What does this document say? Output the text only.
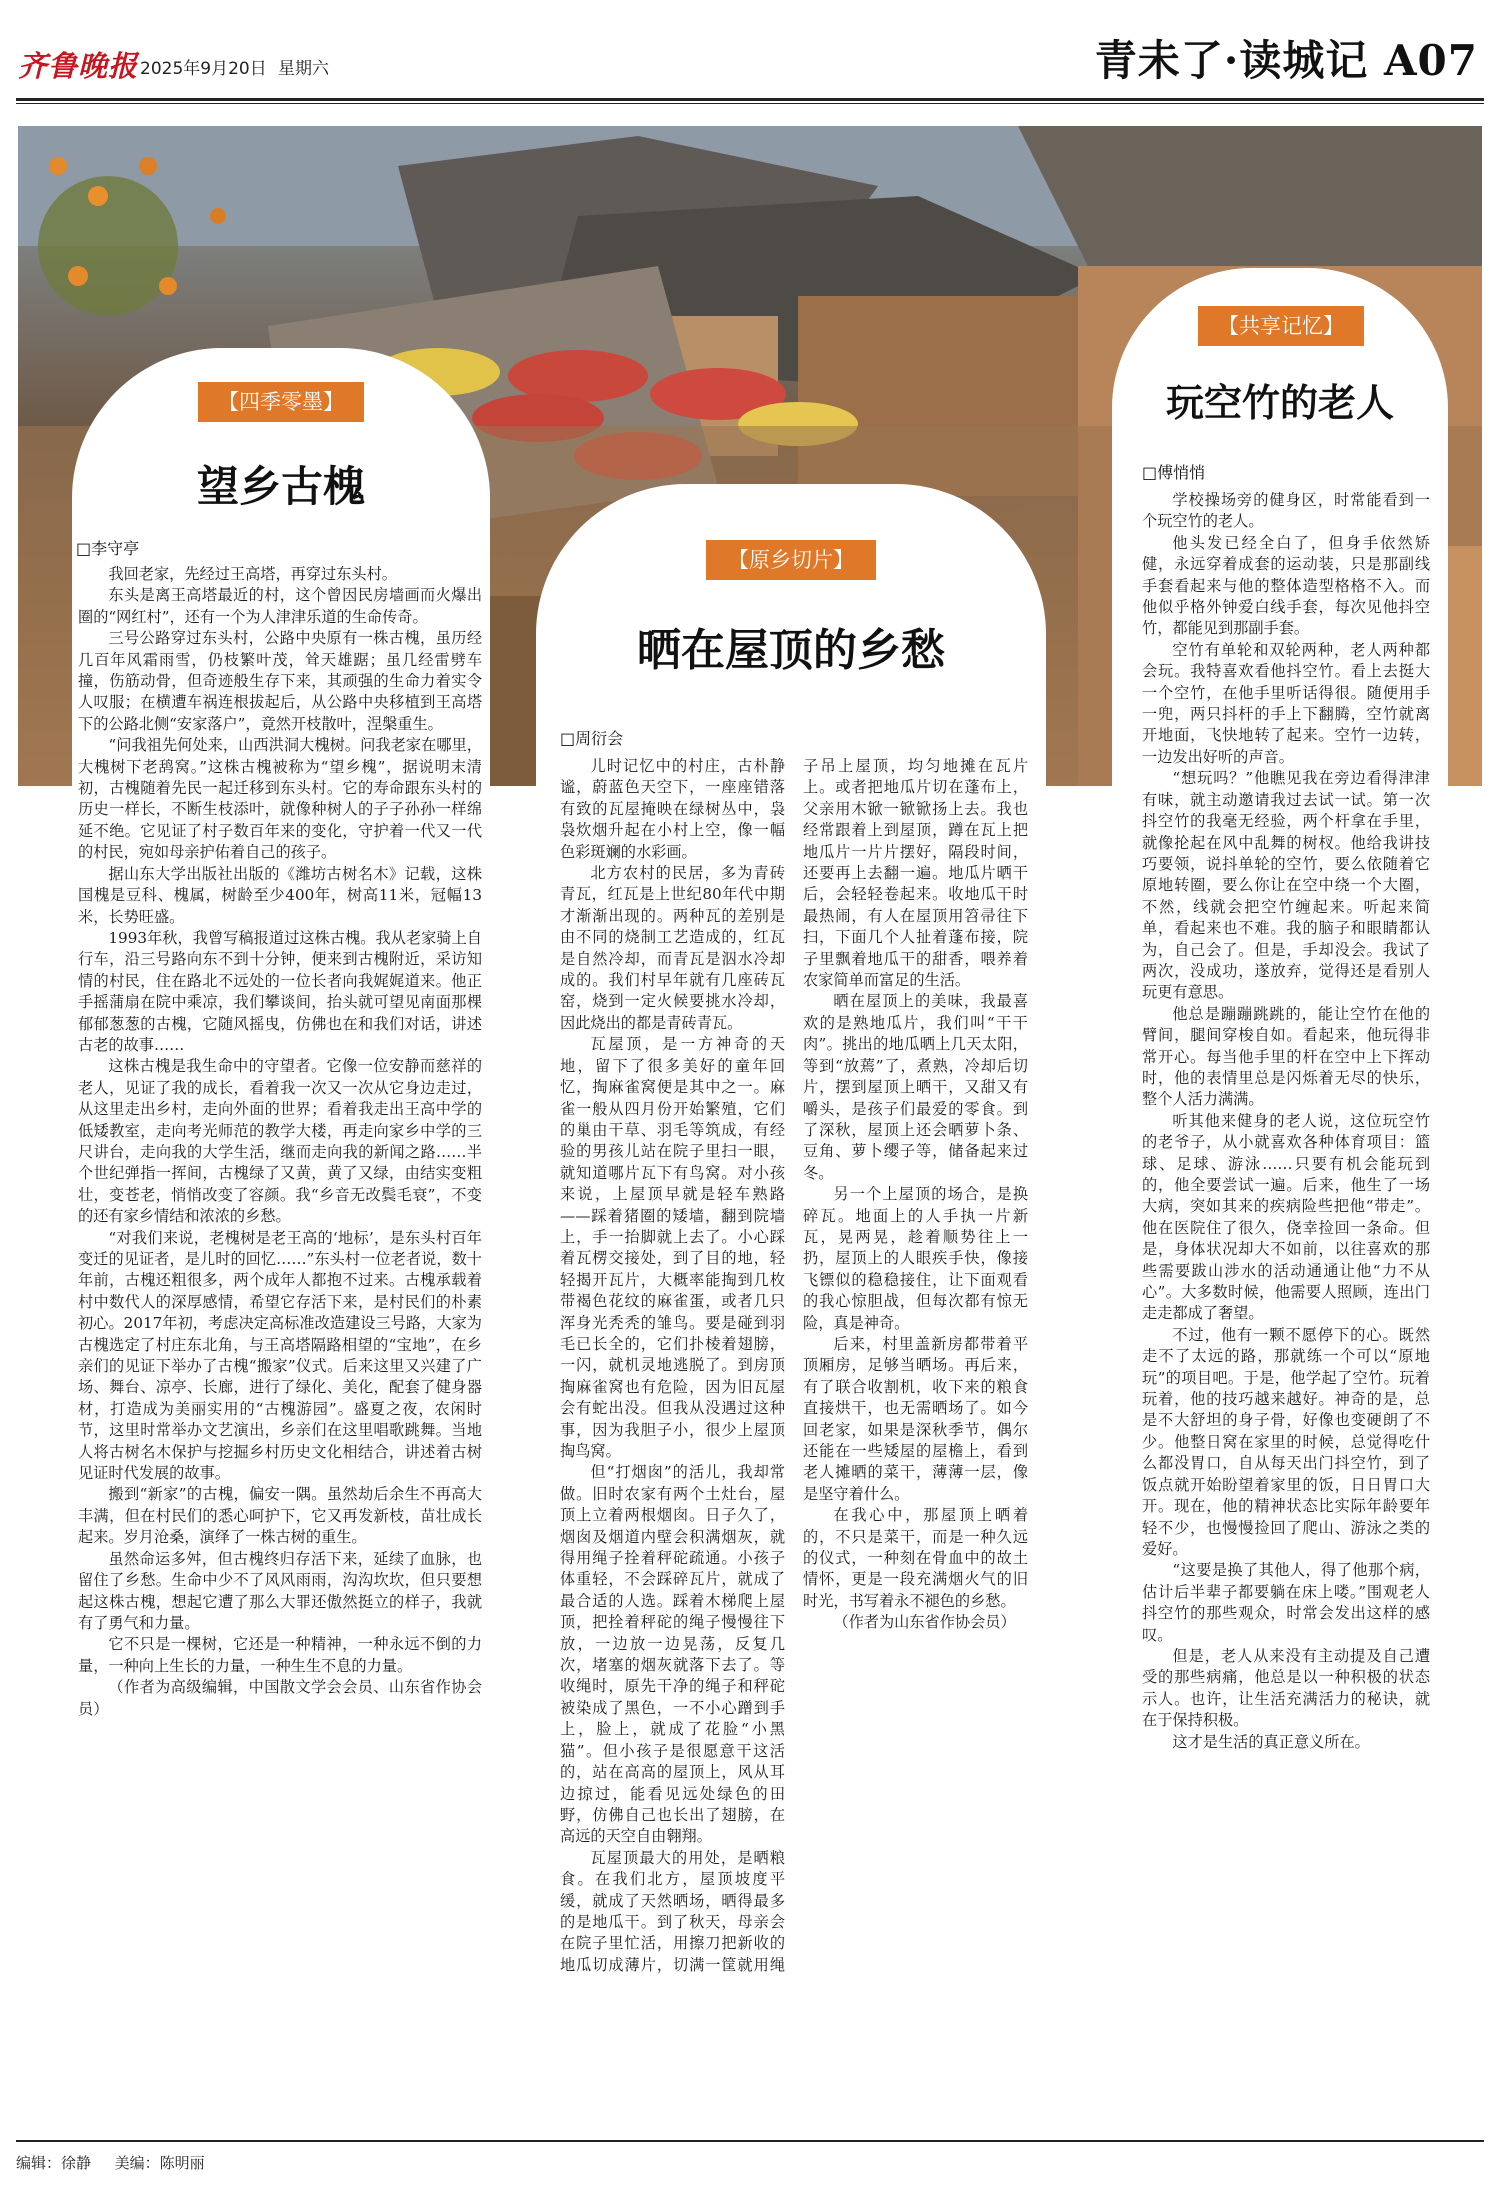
齐鲁晚报 2025年9月20日 星期六	青未了·读城记 A07
【四季零墨】
望乡古槐
□李守亭

我回老家，先经过王高塔，再穿过东头村。

东头是离王高塔最近的村，这个曾因民房墙画而火爆出圈的“网红村”，还有一个为人津津乐道的生命传奇。

三号公路穿过东头村，公路中央原有一株古槐，虽历经几百年风霜雨雪，仍枝繁叶茂，耸天雄踞；虽几经雷劈车撞，伤筋动骨，但奇迹般生存下来，其顽强的生命力着实令人叹服；在横遭车祸连根拔起后，从公路中央移植到王高塔下的公路北侧“安家落户”，竟然开枝散叶，涅槃重生。

“问我祖先何处来，山西洪洞大槐树。问我老家在哪里，大槐树下老鸹窝。”这株古槐被称为“望乡槐”，据说明末清初，古槐随着先民一起迁移到东头村。它的寿命跟东头村的历史一样长，不断生枝添叶，就像种树人的子子孙孙一样绵延不绝。它见证了村子数百年来的变化，守护着一代又一代的村民，宛如母亲护佑着自己的孩子。

据山东大学出版社出版的《潍坊古树名木》记载，这株国槐是豆科、槐属，树龄至少400年，树高11米，冠幅13米，长势旺盛。

1993年秋，我曾写稿报道过这株古槐。我从老家骑上自行车，沿三号路向东不到十分钟，便来到古槐附近，采访知情的村民，住在路北不远处的一位长者向我娓娓道来。他正手摇蒲扇在院中乘凉，我们攀谈间，抬头就可望见南面那棵郁郁葱葱的古槐，它随风摇曳，仿佛也在和我们对话，讲述古老的故事……

这株古槐是我生命中的守望者。它像一位安静而慈祥的老人，见证了我的成长，看着我一次又一次从它身边走过，从这里走出乡村，走向外面的世界；看着我走出王高中学的低矮教室，走向考光师范的教学大楼，再走向家乡中学的三尺讲台，走向我的大学生活，继而走向我的新闻之路……半个世纪弹指一挥间，古槐绿了又黄，黄了又绿，由结实变粗壮，变苍老，悄悄改变了容颜。我“乡音无改鬓毛衰”，不变的还有家乡情结和浓浓的乡愁。

“对我们来说，老槐树是老王高的‘地标’，是东头村百年变迁的见证者，是儿时的回忆……”东头村一位老者说，数十年前，古槐还粗很多，两个成年人都抱不过来。古槐承载着村中数代人的深厚感情，希望它存活下来，是村民们的朴素初心。2017年初，考虑决定高标准改造建设三号路，大家为古槐选定了村庄东北角，与王高塔隔路相望的“宝地”，在乡亲们的见证下举办了古槐“搬家”仪式。后来这里又兴建了广场、舞台、凉亭、长廊，进行了绿化、美化，配套了健身器材，打造成为美丽实用的“古槐游园”。盛夏之夜，农闲时节，这里时常举办文艺演出，乡亲们在这里唱歌跳舞。当地人将古树名木保护与挖掘乡村历史文化相结合，讲述着古树见证时代发展的故事。

搬到“新家”的古槐，偏安一隅。虽然劫后余生不再高大丰满，但在村民们的悉心呵护下，它又再发新枝，苗壮成长起来。岁月沧桑，演绎了一株古树的重生。

虽然命运多舛，但古槐终归存活下来，延续了血脉，也留住了乡愁。生命中少不了风风雨雨，沟沟坎坎，但只要想起这株古槐，想起它遭了那么大罪还傲然挺立的样子，我就有了勇气和力量。

它不只是一棵树，它还是一种精神，一种永远不倒的力量，一种向上生长的力量，一种生生不息的力量。

（作者为高级编辑，中国散文学会会员、山东省作协会员）

【原乡切片】
晒在屋顶的乡愁
□周衍会

儿时记忆中的村庄，古朴静谧，蔚蓝色天空下，一座座错落有致的瓦屋掩映在绿树丛中，袅袅炊烟升起在小村上空，像一幅色彩斑斓的水彩画。

北方农村的民居，多为青砖青瓦，红瓦是上世纪80年代中期才渐渐出现的。两种瓦的差别是由不同的烧制工艺造成的，红瓦是自然冷却，而青瓦是泅水冷却成的。我们村早年就有几座砖瓦窑，烧到一定火候要挑水冷却，因此烧出的都是青砖青瓦。

瓦屋顶，是一方神奇的天地，留下了很多美好的童年回忆，掏麻雀窝便是其中之一。麻雀一般从四月份开始繁殖，它们的巢由干草、羽毛等筑成，有经验的男孩儿站在院子里扫一眼，就知道哪片瓦下有鸟窝。对小孩来说，上屋顶早就是轻车熟路——踩着猪圈的矮墙，翻到院墙上，手一抬脚就上去了。小心踩着瓦楞交接处，到了目的地，轻轻揭开瓦片，大概率能掏到几枚带褐色花纹的麻雀蛋，或者几只浑身光秃秃的雏鸟。要是碰到羽毛已长全的，它们扑棱着翅膀，一闪，就机灵地逃脱了。到房顶掏麻雀窝也有危险，因为旧瓦屋会有蛇出没。但我从没遇过这种事，因为我胆子小，很少上屋顶掏鸟窝。

但“打烟囱”的活儿，我却常做。旧时农家有两个土灶台，屋顶上立着两根烟囱。日子久了，烟囱及烟道内壁会积满烟灰，就得用绳子拴着秤砣疏通。小孩子体重轻，不会踩碎瓦片，就成了最合适的人选。踩着木梯爬上屋顶，把拴着秤砣的绳子慢慢往下放，一边放一边晃荡，反复几次，堵塞的烟灰就落下去了。等收绳时，原先干净的绳子和秤砣被染成了黑色，一不小心蹭到手上，脸上，就成了花脸“小黑猫”。但小孩子是很愿意干这活的，站在高高的屋顶上，风从耳边掠过，能看见远处绿色的田野，仿佛自己也长出了翅膀，在高远的天空自由翱翔。

瓦屋顶最大的用处，是晒粮食。在我们北方，屋顶坡度平缓，就成了天然晒场，晒得最多的是地瓜干。到了秋天，母亲会在院子里忙活，用擦刀把新收的地瓜切成薄片，切满一筐就用绳子吊上屋顶，均匀地摊在瓦片上。或者把地瓜片切在蓬布上，父亲用木锨一锨锨扬上去。我也经常跟着上到屋顶，蹲在瓦上把地瓜片一片片摆好，隔段时间，还要再上去翻一遍。地瓜片晒干后，会轻轻卷起来。收地瓜干时最热闹，有人在屋顶用笤帚往下扫，下面几个人扯着蓬布接，院子里飘着地瓜干的甜香，喂养着农家简单而富足的生活。

晒在屋顶上的美味，我最喜欢的是熟地瓜片，我们叫“干干肉”。挑出的地瓜晒上几天太阳，等到“放蔫”了，煮熟，冷却后切片，摆到屋顶上晒干，又甜又有嚼头，是孩子们最爱的零食。到了深秋，屋顶上还会晒萝卜条、豆角、萝卜缨子等，储备起来过冬。

另一个上屋顶的场合，是换碎瓦。地面上的人手执一片新瓦，晃两晃，趁着顺势往上一扔，屋顶上的人眼疾手快，像接飞镖似的稳稳接住，让下面观看的我心惊胆战，但每次都有惊无险，真是神奇。

后来，村里盖新房都带着平顶厢房，足够当晒场。再后来，有了联合收割机，收下来的粮食直接烘干，也无需晒场了。如今回老家，如果是深秋季节，偶尔还能在一些矮屋的屋檐上，看到老人摊晒的菜干，薄薄一层，像是坚守着什么。

在我心中，那屋顶上晒着的，不只是菜干，而是一种久远的仪式，一种刻在骨血中的故土情怀，更是一段充满烟火气的旧时光，书写着永不褪色的乡愁。

（作者为山东省作协会员）

【共享记忆】
玩空竹的老人
□傅悄悄

学校操场旁的健身区，时常能看到一个玩空竹的老人。

他头发已经全白了，但身手依然矫健，永远穿着成套的运动装，只是那副线手套看起来与他的整体造型格格不入。而他似乎格外钟爱白线手套，每次见他抖空竹，都能见到那副手套。

空竹有单轮和双轮两种，老人两种都会玩。我特喜欢看他抖空竹。看上去挺大一个空竹，在他手里听话得很。随便用手一兜，两只抖杆的手上下翻腾，空竹就离开地面，飞快地转了起来。空竹一边转，一边发出好听的声音。

“想玩吗？”他瞧见我在旁边看得津津有味，就主动邀请我过去试一试。第一次抖空竹的我毫无经验，两个杆拿在手里，就像抡起在风中乱舞的树杈。他给我讲技巧要领，说抖单轮的空竹，要么依随着它原地转圈，要么你让在空中绕一个大圈，不然，线就会把空竹缠起来。听起来简单，看起来也不难。我的脑子和眼睛都认为，自己会了。但是，手却没会。我试了两次，没成功，遂放弃，觉得还是看别人玩更有意思。

他总是蹦蹦跳跳的，能让空竹在他的臂间，腿间穿梭自如。看起来，他玩得非常开心。每当他手里的杆在空中上下挥动时，他的表情里总是闪烁着无尽的快乐，整个人活力满满。

听其他来健身的老人说，这位玩空竹的老爷子，从小就喜欢各种体育项目：篮球、足球、游泳……只要有机会能玩到的，他全要尝试一遍。后来，他生了一场大病，突如其来的疾病险些把他“带走”。他在医院住了很久，侥幸捡回一条命。但是，身体状况却大不如前，以往喜欢的那些需要跋山涉水的活动通通让他“力不从心”。大多数时候，他需要人照顾，连出门走走都成了奢望。

不过，他有一颗不愿停下的心。既然走不了太远的路，那就练一个可以“原地玩”的项目吧。于是，他学起了空竹。玩着玩着，他的技巧越来越好。神奇的是，总是不大舒坦的身子骨，好像也变硬朗了不少。他整日窝在家里的时候，总觉得吃什么都没胃口，自从每天出门抖空竹，到了饭点就开始盼望着家里的饭，日日胃口大开。现在，他的精神状态比实际年龄要年轻不少，也慢慢捡回了爬山、游泳之类的爱好。

“这要是换了其他人，得了他那个病，估计后半辈子都要躺在床上喽。”围观老人抖空竹的那些观众，时常会发出这样的感叹。

但是，老人从来没有主动提及自己遭受的那些病痛，他总是以一种积极的状态示人。也许，让生活充满活力的秘诀，就在于保持积极。

这才是生活的真正意义所在。

编辑：徐静 美编：陈明丽
